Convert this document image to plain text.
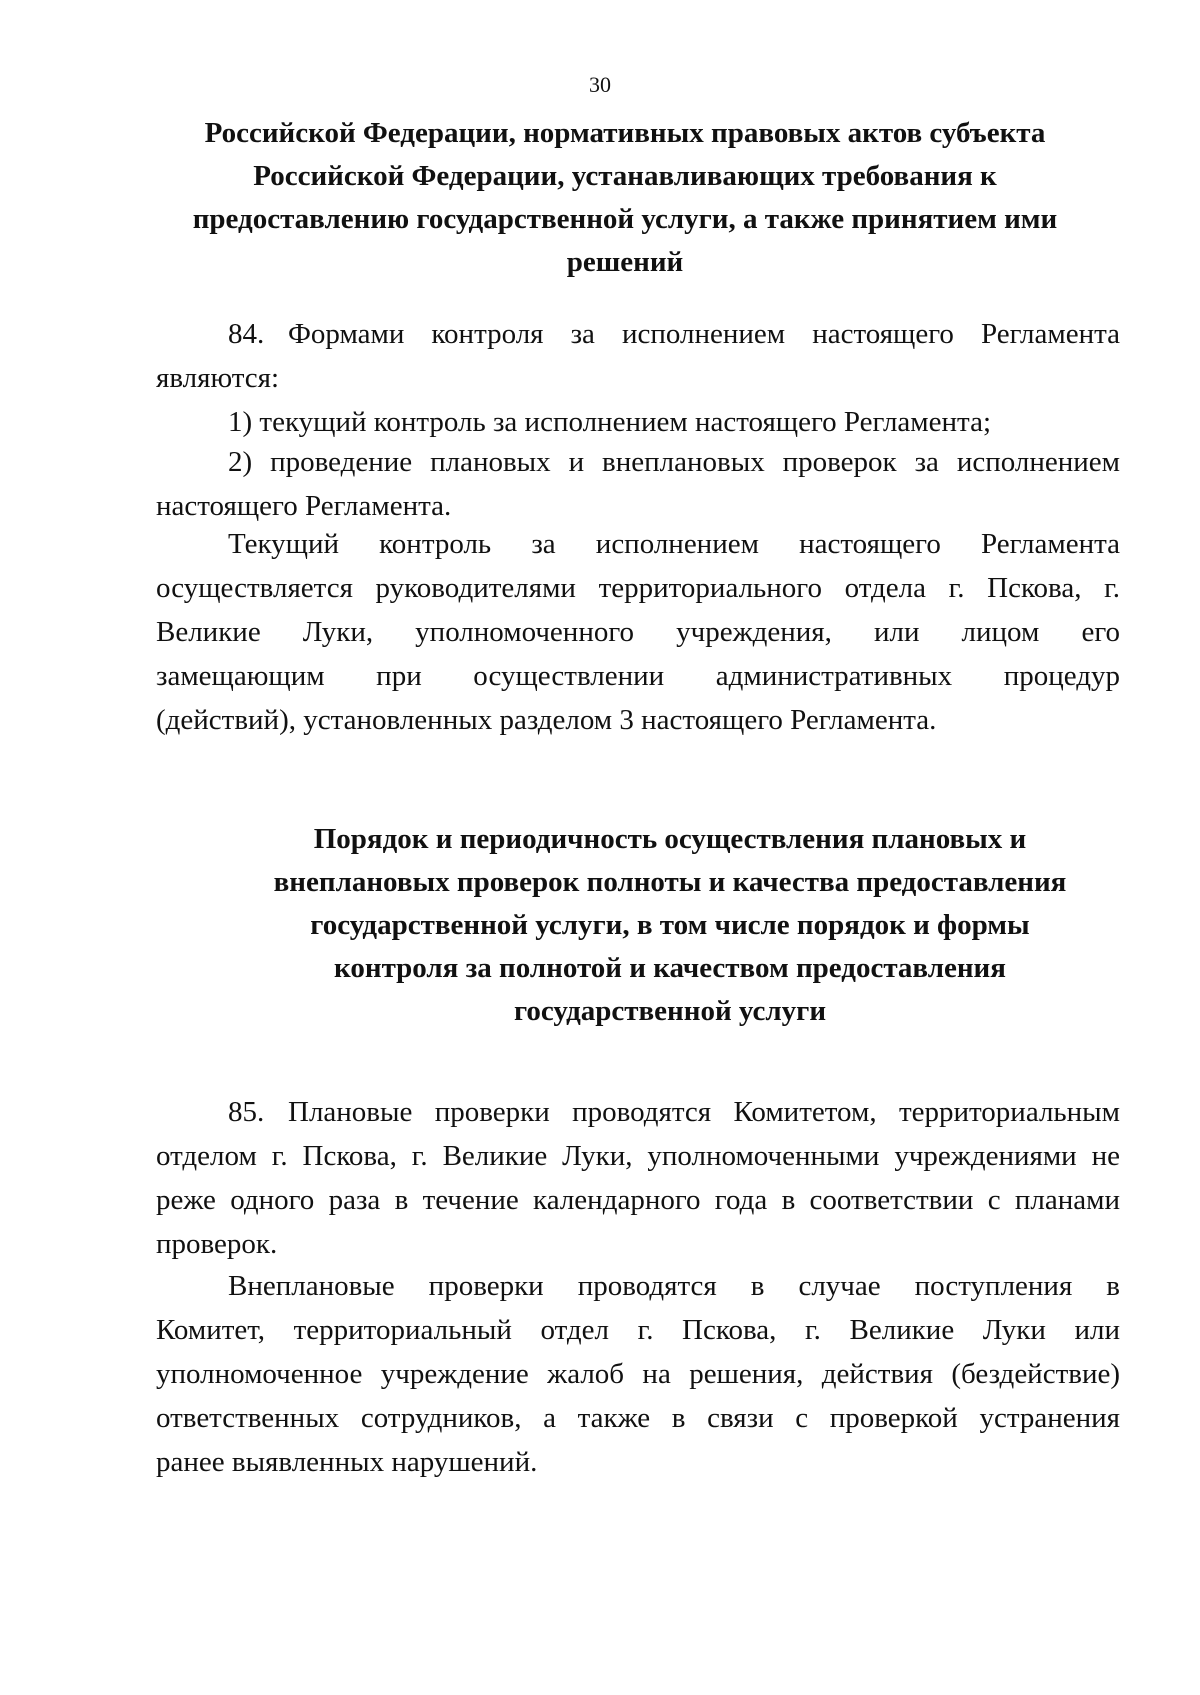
30
Российской Федерации, нормативных правовых актов субъекта
Российской Федерации, устанавливающих требования к
предоставлению государственной услуги, а также принятием ими
решений
84. Формами контроля за исполнением настоящего Регламента
являются:
1) текущий контроль за исполнением настоящего Регламента;
2) проведение плановых и внеплановых проверок за исполнением
настоящего Регламента.
Текущий контроль за исполнением настоящего Регламента
осуществляется руководителями территориального отдела г. Пскова, г.
Великие Луки, уполномоченного учреждения, или лицом его
замещающим при осуществлении административных процедур
(действий), установленных разделом 3 настоящего Регламента.
Порядок и периодичность осуществления плановых и
внеплановых проверок полноты и качества предоставления
государственной услуги, в том числе порядок и формы
контроля за полнотой и качеством предоставления
государственной услуги
85. Плановые проверки проводятся Комитетом, территориальным
отделом г. Пскова, г. Великие Луки, уполномоченными учреждениями не
реже одного раза в течение календарного года в соответствии с планами
проверок.
Внеплановые проверки проводятся в случае поступления в
Комитет, территориальный отдел г. Пскова, г. Великие Луки или
уполномоченное учреждение жалоб на решения, действия (бездействие)
ответственных сотрудников, а также в связи с проверкой устранения
ранее выявленных нарушений.
